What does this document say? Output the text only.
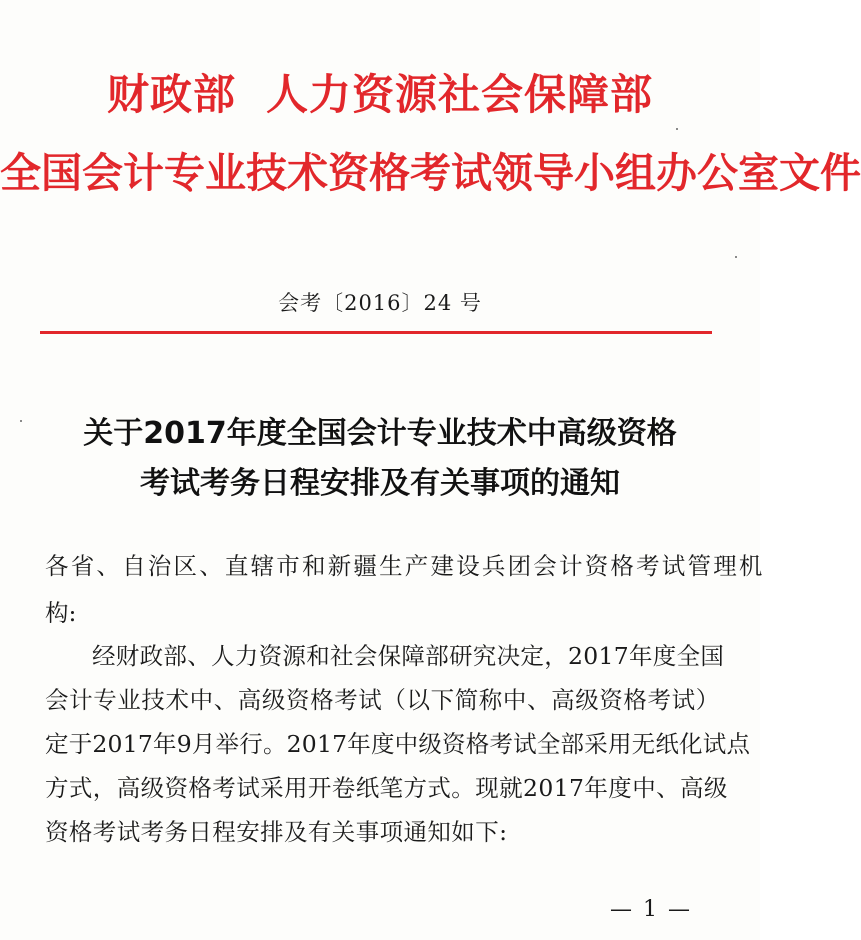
财政部 人力资源社会保障部
全国会计专业技术资格考试领导小组办公室文件
会考〔2016〕24 号
关于2017年度全国会计专业技术中高级资格
考试考务日程安排及有关事项的通知
各省、自治区、直辖市和新疆生产建设兵团会计资格考试管理机
构:
经财政部、人力资源和社会保障部研究决定，2017年度全国
会计专业技术中、高级资格考试（以下简称中、高级资格考试）
定于2017年9月举行。2017年度中级资格考试全部采用无纸化试点
方式，高级资格考试采用开卷纸笔方式。现就2017年度中、高级
资格考试考务日程安排及有关事项通知如下:
— 1 —
